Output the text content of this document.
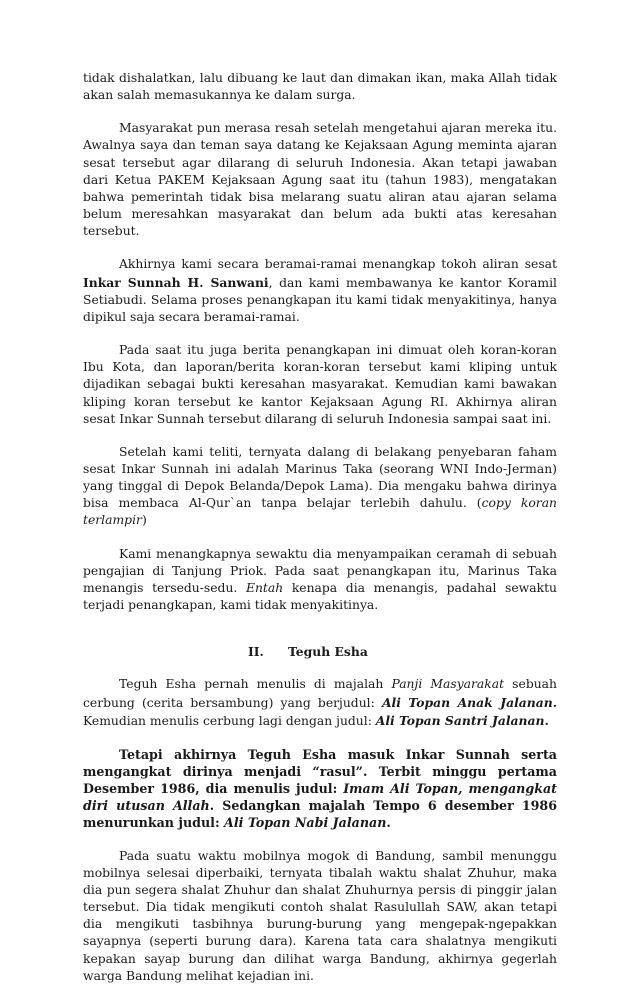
tidak dishalatkan, lalu dibuang ke laut dan dimakan ikan, maka Allah tidak akan salah memasukannya ke dalam surga.

Masyarakat pun merasa resah setelah mengetahui ajaran mereka itu. Awalnya saya dan teman saya datang ke Kejaksaan Agung meminta ajaran sesat tersebut agar dilarang di seluruh Indonesia. Akan tetapi jawaban dari Ketua PAKEM Kejaksaan Agung saat itu (tahun 1983), mengatakan bahwa pemerintah tidak bisa melarang suatu aliran atau ajaran selama belum meresahkan masyarakat dan belum ada bukti atas keresahan tersebut.

Akhirnya kami secara beramai-ramai menangkap tokoh aliran sesat Inkar Sunnah H. Sanwani, dan kami membawanya ke kantor Koramil Setiabudi. Selama proses penangkapan itu kami tidak menyakitinya, hanya dipikul saja secara beramai-ramai.

Pada saat itu juga berita penangkapan ini dimuat oleh koran-koran Ibu Kota, dan laporan/berita koran-koran tersebut kami kliping untuk dijadikan sebagai bukti keresahan masyarakat. Kemudian kami bawakan kliping koran tersebut ke kantor Kejaksaan Agung RI. Akhirnya aliran sesat Inkar Sunnah tersebut dilarang di seluruh Indonesia sampai saat ini.

Setelah kami teliti, ternyata dalang di belakang penyebaran faham sesat Inkar Sunnah ini adalah Marinus Taka (seorang WNI Indo-Jerman) yang tinggal di Depok Belanda/Depok Lama). Dia mengaku bahwa dirinya bisa membaca Al-Qur`an tanpa belajar terlebih dahulu. (copy koran terlampir)

Kami menangkapnya sewaktu dia menyampaikan ceramah di sebuah pengajian di Tanjung Priok. Pada saat penangkapan itu, Marinus Taka menangis tersedu-sedu. Entah kenapa dia menangis, padahal sewaktu terjadi penangkapan, kami tidak menyakitinya.

II. Teguh Esha

Teguh Esha pernah menulis di majalah Panji Masyarakat sebuah cerbung (cerita bersambung) yang berjudul: Ali Topan Anak Jalanan. Kemudian menulis cerbung lagi dengan judul: Ali Topan Santri Jalanan.

Tetapi akhirnya Teguh Esha masuk Inkar Sunnah serta mengangkat dirinya menjadi “rasul”. Terbit minggu pertama Desember 1986, dia menulis judul: Imam Ali Topan, mengangkat diri utusan Allah. Sedangkan majalah Tempo 6 desember 1986 menurunkan judul: Ali Topan Nabi Jalanan.

Pada suatu waktu mobilnya mogok di Bandung, sambil menunggu mobilnya selesai diperbaiki, ternyata tibalah waktu shalat Zhuhur, maka dia pun segera shalat Zhuhur dan shalat Zhuhurnya persis di pinggir jalan tersebut. Dia tidak mengikuti contoh shalat Rasulullah SAW, akan tetapi dia mengikuti tasbihnya burung-burung yang mengepak-ngepakkan sayapnya (seperti burung dara). Karena tata cara shalatnya mengikuti kepakan sayap burung dan dilihat warga Bandung, akhirnya gegerlah warga Bandung melihat kejadian ini.
